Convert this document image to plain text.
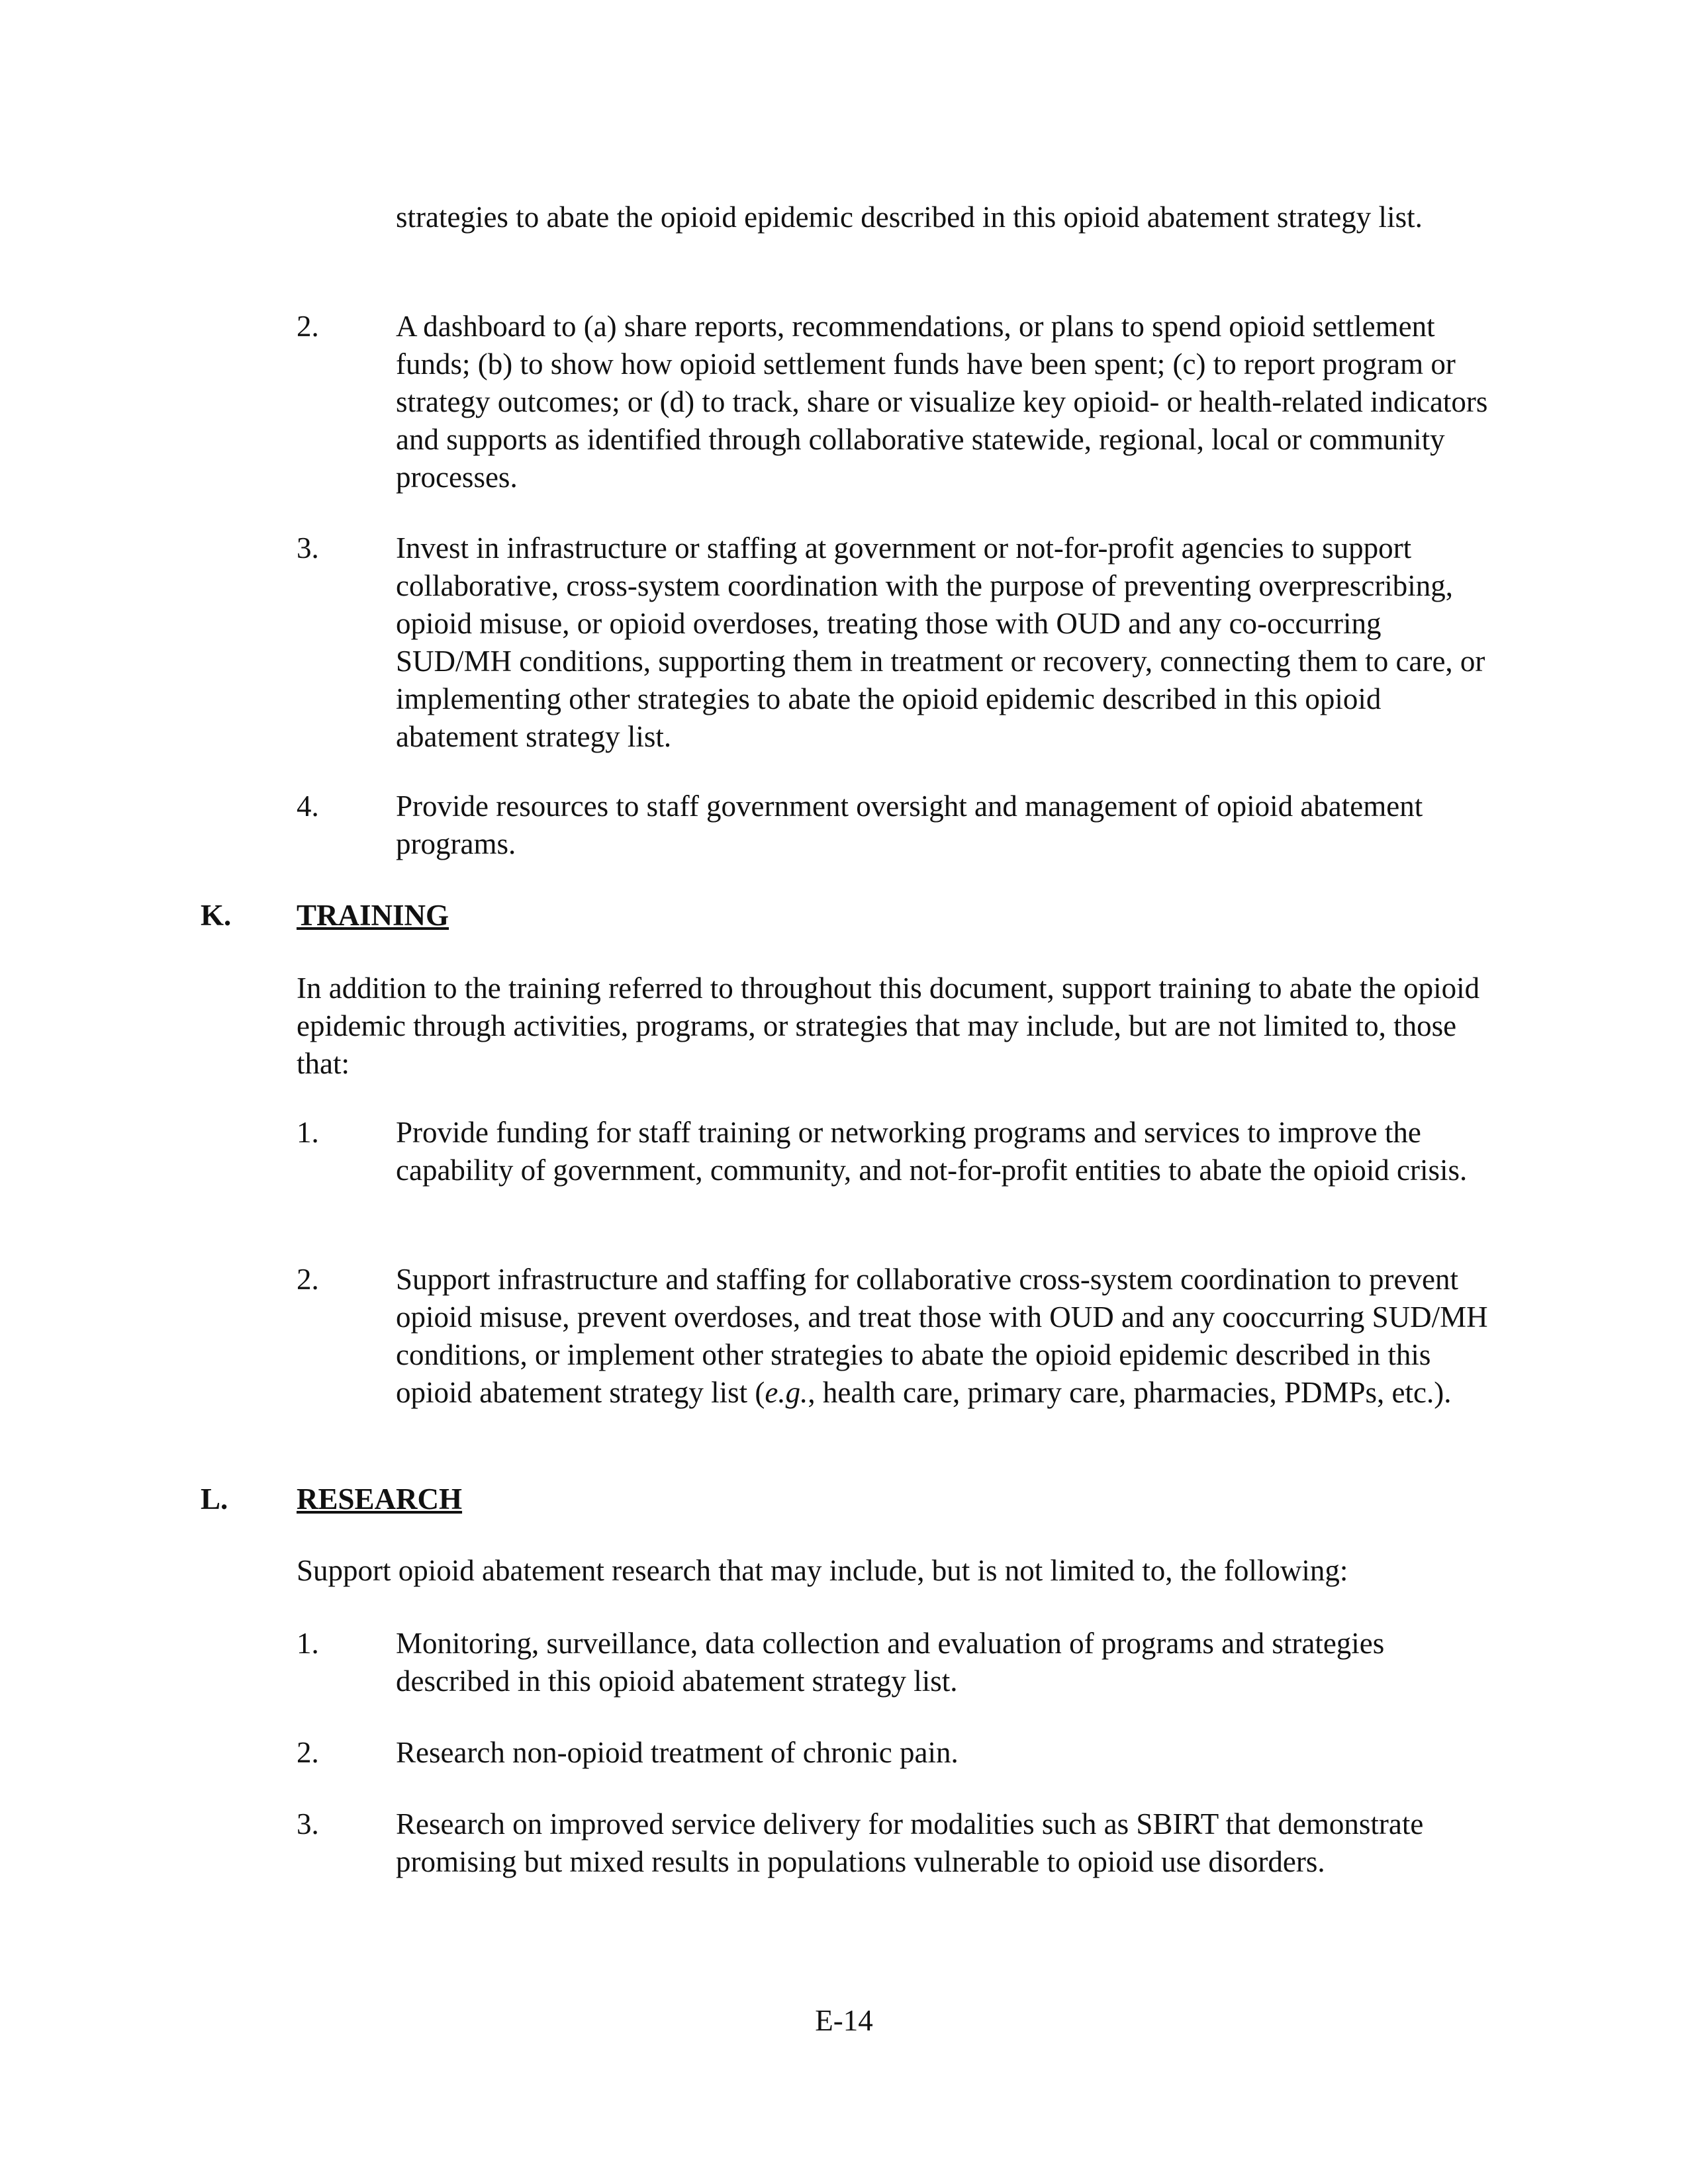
strategies to abate the opioid epidemic described in this opioid abatement strategy list.

2.	A dashboard to (a) share reports, recommendations, or plans to spend opioid settlement funds; (b) to show how opioid settlement funds have been spent; (c) to report program or strategy outcomes; or (d) to track, share or visualize key opioid- or health-related indicators and supports as identified through collaborative statewide, regional, local or community processes.

3.	Invest in infrastructure or staffing at government or not-for-profit agencies to support collaborative, cross-system coordination with the purpose of preventing overprescribing, opioid misuse, or opioid overdoses, treating those with OUD and any co-occurring SUD/MH conditions, supporting them in treatment or recovery, connecting them to care, or implementing other strategies to abate the opioid epidemic described in this opioid abatement strategy list.

4.	Provide resources to staff government oversight and management of opioid abatement programs.

K. TRAINING

In addition to the training referred to throughout this document, support training to abate the opioid epidemic through activities, programs, or strategies that may include, but are not limited to, those that:

1.	Provide funding for staff training or networking programs and services to improve the capability of government, community, and not-for-profit entities to abate the opioid crisis.

2.	Support infrastructure and staffing for collaborative cross-system coordination to prevent opioid misuse, prevent overdoses, and treat those with OUD and any cooccurring SUD/MH conditions, or implement other strategies to abate the opioid epidemic described in this opioid abatement strategy list (e.g., health care, primary care, pharmacies, PDMPs, etc.).

L. RESEARCH

Support opioid abatement research that may include, but is not limited to, the following:

1.	Monitoring, surveillance, data collection and evaluation of programs and strategies described in this opioid abatement strategy list.

2.	Research non-opioid treatment of chronic pain.

3.	Research on improved service delivery for modalities such as SBIRT that demonstrate promising but mixed results in populations vulnerable to opioid use disorders.

E-14
